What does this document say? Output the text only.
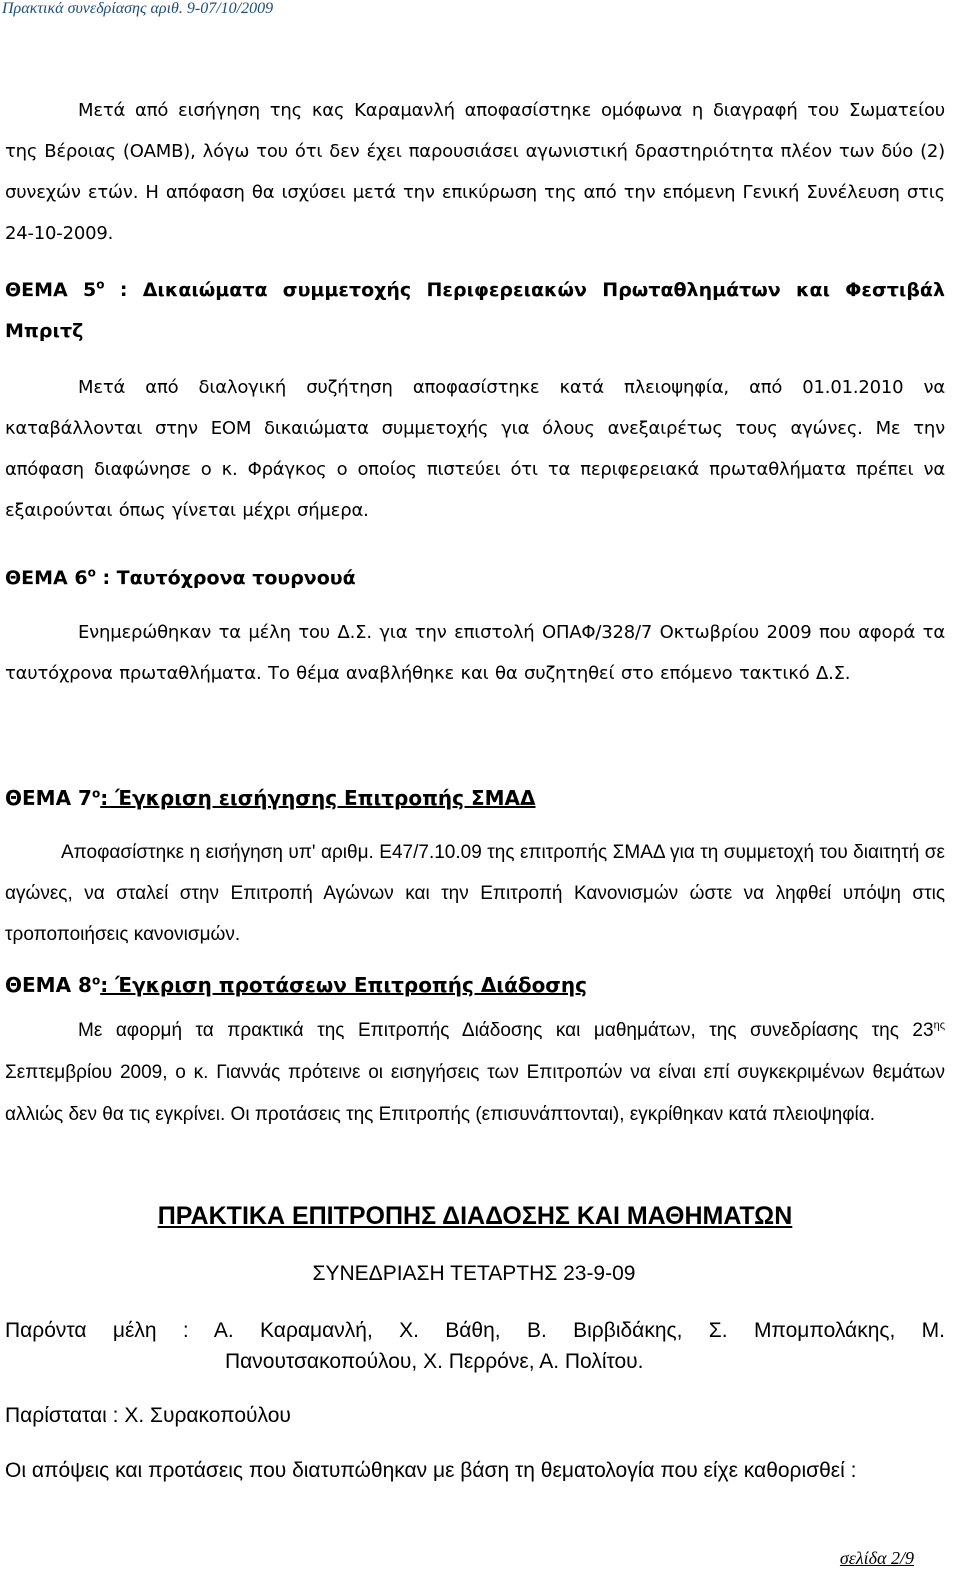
Πρακτικά συνεδρίασης αριθ. 9-07/10/2009

Μετά από εισήγηση της κας Καραμανλή αποφασίστηκε ομόφωνα η διαγραφή του Σωματείου της Βέροιας (ΟΑΜΒ), λόγω του ότι δεν έχει παρουσιάσει αγωνιστική δραστηριότητα πλέον των δύο (2) συνεχών ετών. Η απόφαση θα ισχύσει μετά την επικύρωση της από την επόμενη Γενική Συνέλευση στις 24-10-2009.

ΘΕΜΑ $5^o$ : Δικαιώματα συμμετοχής Περιφερειακών Πρωταθλημάτων και Φεστιβάλ Μπριτζ

Μετά από διαλογική συζήτηση αποφασίστηκε κατά πλειοψηφία, από 01.01.2010 να καταβάλλονται στην ΕΟΜ δικαιώματα συμμετοχής για όλους ανεξαιρέτως τους αγώνες. Με την απόφαση διαφώνησε ο κ. Φράγκος ο οποίος πιστεύει ότι τα περιφερειακά πρωταθλήματα πρέπει να εξαιρούνται όπως γίνεται μέχρι σήμερα.

ΘΕΜΑ $6^o$ : Ταυτόχρονα τουρνουά

Ενημερώθηκαν τα μέλη του Δ.Σ. για την επιστολή ΟΠΑΦ/328/7 Οκτωβρίου 2009 που αφορά τα ταυτόχρονα πρωταθλήματα. Το θέμα αναβλήθηκε και θα συζητηθεί στο επόμενο τακτικό Δ.Σ.

ΘΕΜΑ $7^o$: Έγκριση εισήγησης Επιτροπής ΣΜΑΔ

Αποφασίστηκε η εισήγηση υπ' αριθμ. Ε47/7.10.09 της επιτροπής ΣΜΑΔ για τη συμμετοχή του διαιτητή σε αγώνες, να σταλεί στην Επιτροπή Αγώνων και την Επιτροπή Κανονισμών ώστε να ληφθεί υπόψη στις τροποποιήσεις κανονισμών.

ΘΕΜΑ $8^o$: Έγκριση προτάσεων Επιτροπής Διάδοσης

Με αφορμή τα πρακτικά της Επιτροπής Διάδοσης και μαθημάτων, της συνεδρίασης της $23^{\eta\varsigma}$ Σεπτεμβρίου 2009, ο κ. Γιαννάς πρότεινε οι εισηγήσεις των Επιτροπών να είναι επί συγκεκριμένων θεμάτων αλλιώς δεν θα τις εγκρίνει. Οι προτάσεις της Επιτροπής (επισυνάπτονται), εγκρίθηκαν κατά πλειοψηφία.

ΠΡΑΚΤΙΚΑ ΕΠΙΤΡΟΠΗΣ ΔΙΑΔΟΣΗΣ ΚΑΙ ΜΑΘΗΜΑΤΩΝ
ΣΥΝΕΔΡΙΑΣΗ ΤΕΤΑΡΤΗΣ 23-9-09
Παρόντα μέλη : Α. Καραμανλή, Χ. Βάθη, Β. Βιρβιδάκης, Σ. Μπομπολάκης, Μ.
Πανουτσακοπούλου, Χ. Περρόνε, Α. Πολίτου.
Παρίσταται : Χ. Συρακοπούλου
Οι απόψεις και προτάσεις που διατυπώθηκαν με βάση τη θεματολογία που είχε καθορισθεί :
σελίδα 2/9
